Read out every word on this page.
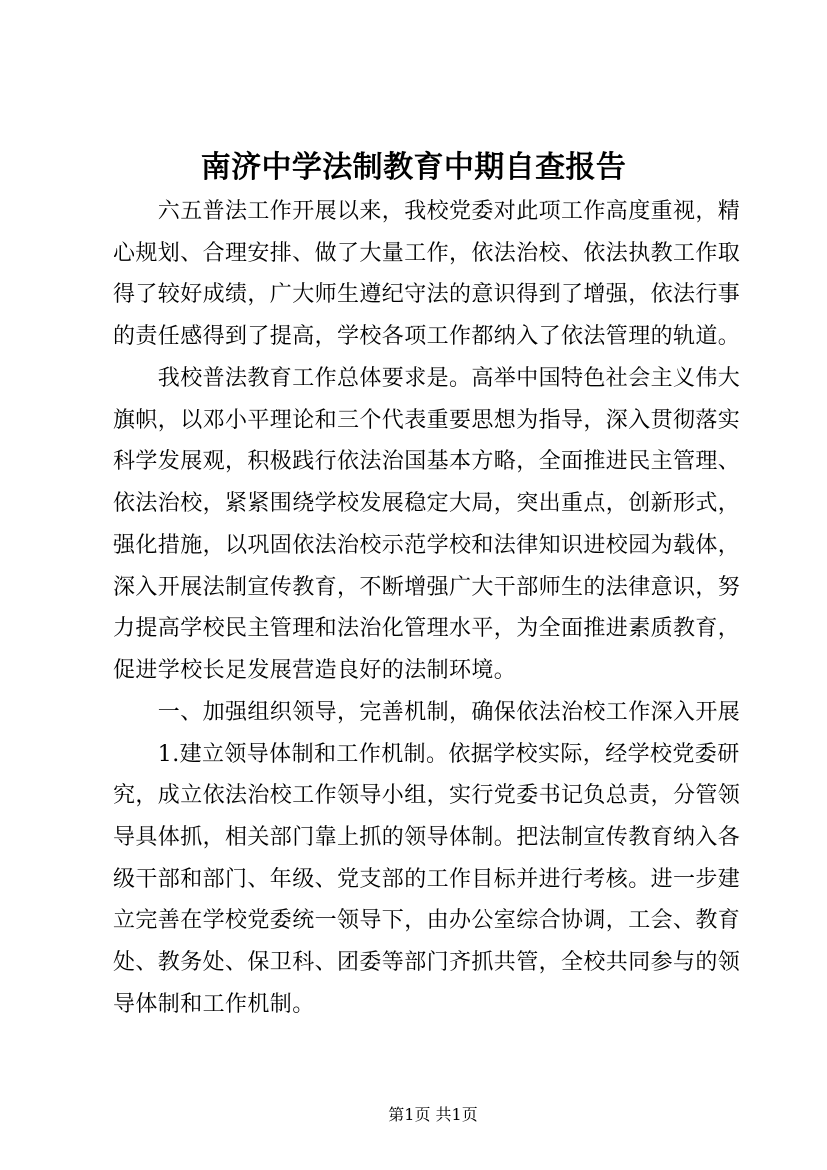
南济中学法制教育中期自查报告
六五普法工作开展以来，我校党委对此项工作高度重视，精
心规划、合理安排、做了大量工作，依法治校、依法执教工作取
得了较好成绩，广大师生遵纪守法的意识得到了增强，依法行事
的责任感得到了提高，学校各项工作都纳入了依法管理的轨道。
我校普法教育工作总体要求是。高举中国特色社会主义伟大
旗帜，以邓小平理论和三个代表重要思想为指导，深入贯彻落实
科学发展观，积极践行依法治国基本方略，全面推进民主管理、
依法治校，紧紧围绕学校发展稳定大局，突出重点，创新形式，
强化措施，以巩固依法治校示范学校和法律知识进校园为载体，
深入开展法制宣传教育，不断增强广大干部师生的法律意识，努
力提高学校民主管理和法治化管理水平，为全面推进素质教育，
促进学校长足发展营造良好的法制环境。
一、加强组织领导，完善机制，确保依法治校工作深入开展
1.建立领导体制和工作机制。依据学校实际，经学校党委研
究，成立依法治校工作领导小组，实行党委书记负总责，分管领
导具体抓，相关部门靠上抓的领导体制。把法制宣传教育纳入各
级干部和部门、年级、党支部的工作目标并进行考核。进一步建
立完善在学校党委统一领导下，由办公室综合协调，工会、教育
处、教务处、保卫科、团委等部门齐抓共管，全校共同参与的领
导体制和工作机制。
第1页 共1页
